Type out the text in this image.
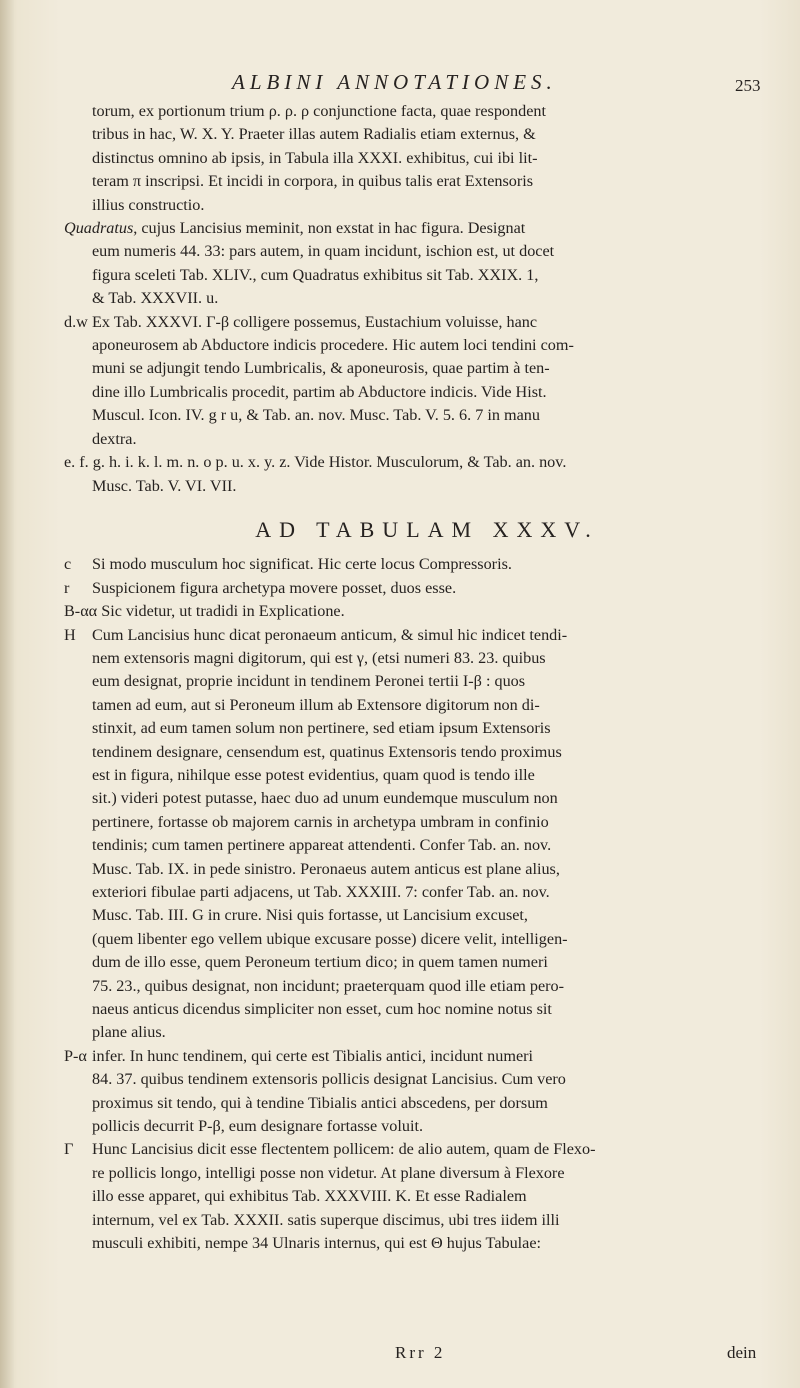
ALBINI ANNOTATIONES.	253

torum, ex portionum trium ρ. ρ. ρ conjunctione facta, quae respondent
tribus in hac, W. X. Y. Praeter illas autem Radialis etiam externus, &
distinctus omnino ab ipsis, in Tabula illa XXXI. exhibitus, cui ibi lit-
teram π inscripsi. Et incidi in corpora, in quibus talis erat Extensoris
illius constructio.

Quadratus, cujus Lancisius meminit, non exstat in hac figura. Designat
eum numeris 44. 33: pars autem, in quam incidunt, ischion est, ut docet
figura sceleti Tab. XLIV., cum Quadratus exhibitus sit Tab. XXIX. 1,
& Tab. XXXVII. u.

d.w Ex Tab. XXXVI. Γ-β colligere possemus, Eustachium voluisse, hanc
aponeurosem ab Abductore indicis procedere. Hic autem loci tendini com-
muni se adjungit tendo Lumbricalis, & aponeurosis, quae partim à ten-
dine illo Lumbricalis procedit, partim ab Abductore indicis. Vide Hist.
Muscul. Icon. IV. g r u, & Tab. an. nov. Musc. Tab. V. 5. 6. 7 in manu
dextra.

e. f. g. h. i. k. l. m. n. o p. u. x. y. z. Vide Histor. Musculorum, & Tab. an. nov.
Musc. Tab. V. VI. VII.

AD TABULAM XXXV.

c	Si modo musculum hoc significat. Hic certe locus Compressoris.

r	Suspicionem figura archetypa movere posset, duos esse.

B-αα Sic videtur, ut tradidi in Explicatione.

H	Cum Lancisius hunc dicat peronaeum anticum, & simul hic indicet tendi-
nem extensoris magni digitorum, qui est γ, (etsi numeri 83. 23. quibus
eum designat, proprie incidunt in tendinem Peronei tertii I-β : quos
tamen ad eum, aut si Peroneum illum ab Extensore digitorum non di-
stinxit, ad eum tamen solum non pertinere, sed etiam ipsum Extensoris
tendinem designare, censendum est, quatinus Extensoris tendo proximus
est in figura, nihilque esse potest evidentius, quam quod is tendo ille
sit.) videri potest putasse, haec duo ad unum eundemque musculum non
pertinere, fortasse ob majorem carnis in archetypa umbram in confinio
tendinis; cum tamen pertinere appareat attendenti. Confer Tab. an. nov.
Musc. Tab. IX. in pede sinistro. Peronaeus autem anticus est plane alius,
exteriori fibulae parti adjacens, ut Tab. XXXIII. 7: confer Tab. an. nov.
Musc. Tab. III. G in crure. Nisi quis fortasse, ut Lancisium excuset,
(quem libenter ego vellem ubique excusare posse) dicere velit, intelligen-
dum de illo esse, quem Peroneum tertium dico; in quem tamen numeri
75. 23., quibus designat, non incidunt; praeterquam quod ille etiam pero-
naeus anticus dicendus simpliciter non esset, cum hoc nomine notus sit
plane alius.

P-α infer. In hunc tendinem, qui certe est Tibialis antici, incidunt numeri
84. 37. quibus tendinem extensoris pollicis designat Lancisius. Cum vero
proximus sit tendo, qui à tendine Tibialis antici abscedens, per dorsum
pollicis decurrit P-β, eum designare fortasse voluit.

Γ	Hunc Lancisius dicit esse flectentem pollicem: de alio autem, quam de Flexo-
re pollicis longo, intelligi posse non videtur. At plane diversum à Flexore
illo esse apparet, qui exhibitus Tab. XXXVIII. K. Et esse Radialem
internum, vel ex Tab. XXXII. satis superque discimus, ubi tres iidem illi
musculi exhibiti, nempe 34 Ulnaris internus, qui est Θ hujus Tabulae:

Rrr 2	dein
